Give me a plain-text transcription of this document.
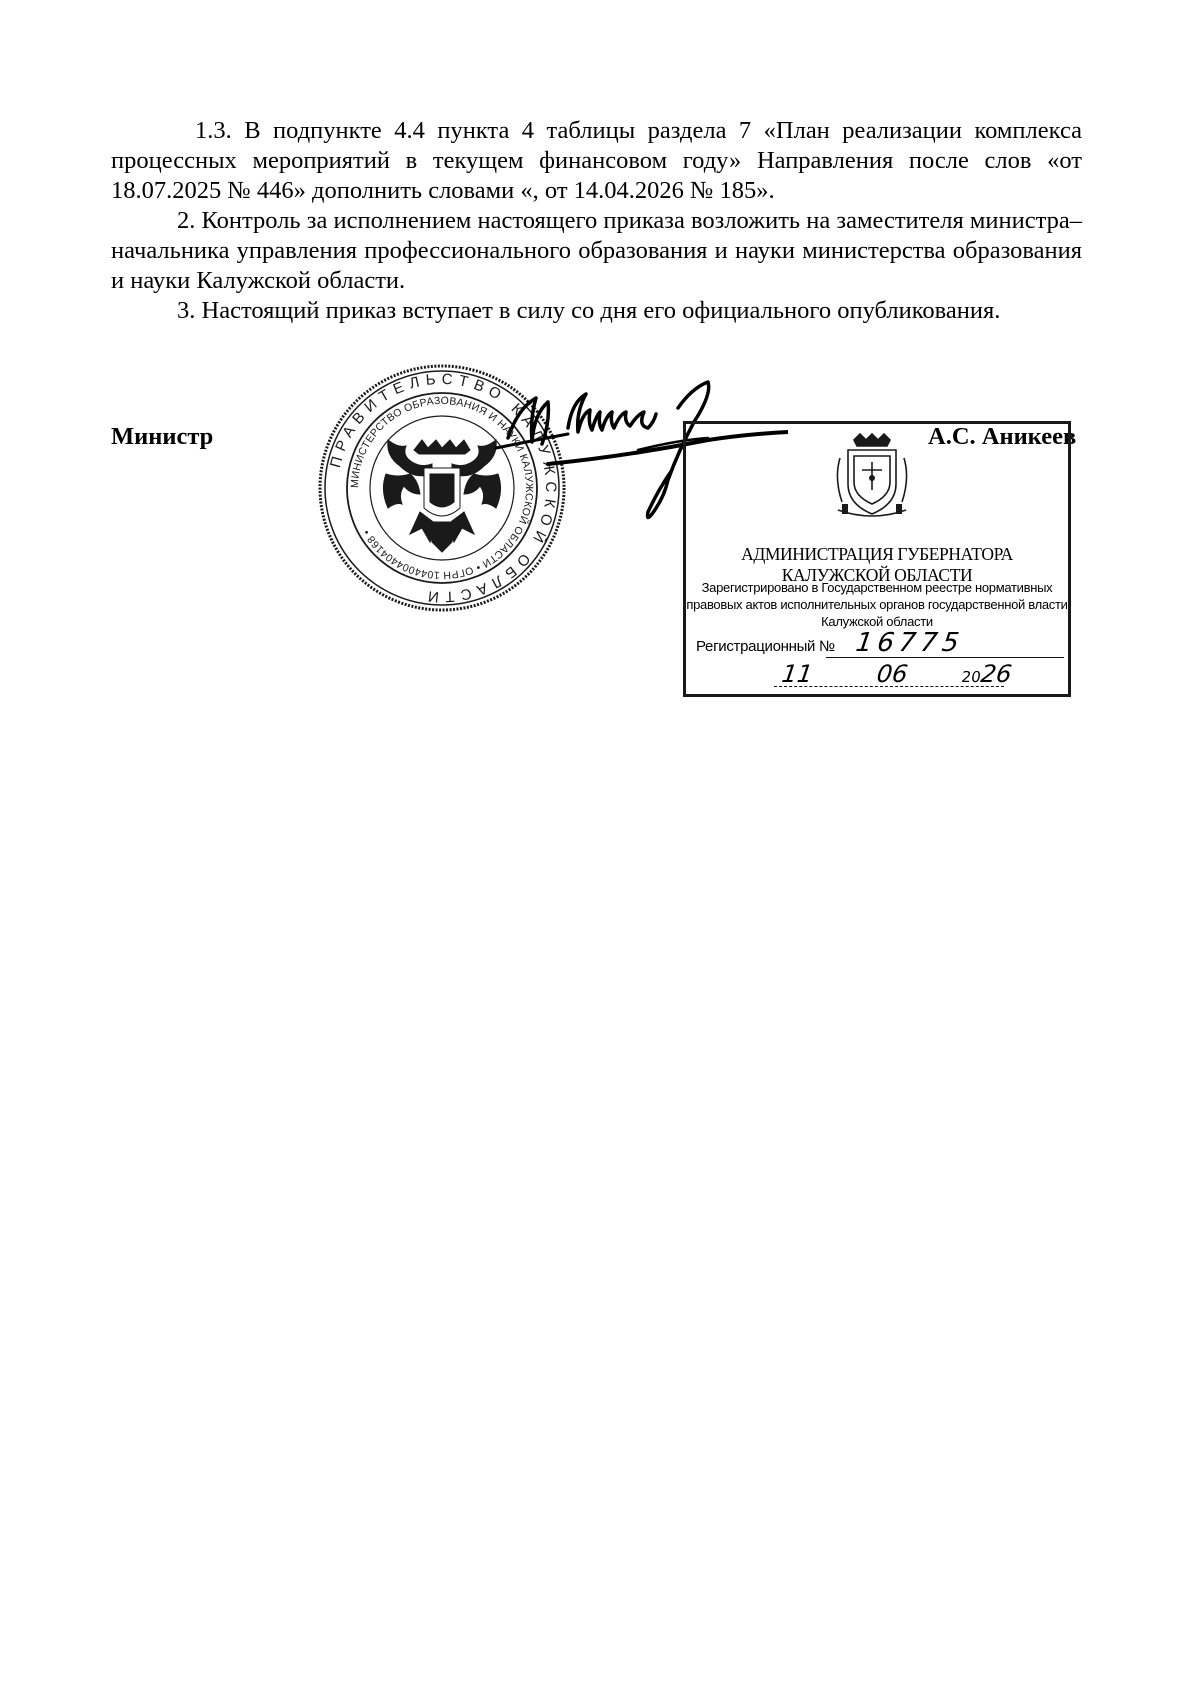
1.3. В подпункте 4.4 пункта 4 таблицы раздела 7 «План реализации комплекса процессных мероприятий в текущем финансовом году» Направления после слов «от 18.07.2025 № 446» дополнить словами «, от 14.04.2026 № 185».

2. Контроль за исполнением настоящего приказа возложить на заместителя министра–начальника управления профессионального образования и науки министерства образования и науки Калужской области.

3. Настоящий приказ вступает в силу со дня его официального опубликования.

Министр	А.С. Аникеев
ПРАВИТЕЛЬСТВО КАЛУЖСКОЙ ОБЛАСТИ
МИНИСТЕРСТВО ОБРАЗОВАНИЯ И НАУКИ КАЛУЖСКОЙ ОБЛАСТИ • ОГРН 1044004404168 •
АДМИНИСТРАЦИЯ ГУБЕРНАТОРА КАЛУЖСКОЙ ОБЛАСТИ
Зарегистрировано в Государственном реестре нормативных
правовых актов исполнительных органов государственной власти
Калужской области
Регистрационный № 16775
11	06	20
26
